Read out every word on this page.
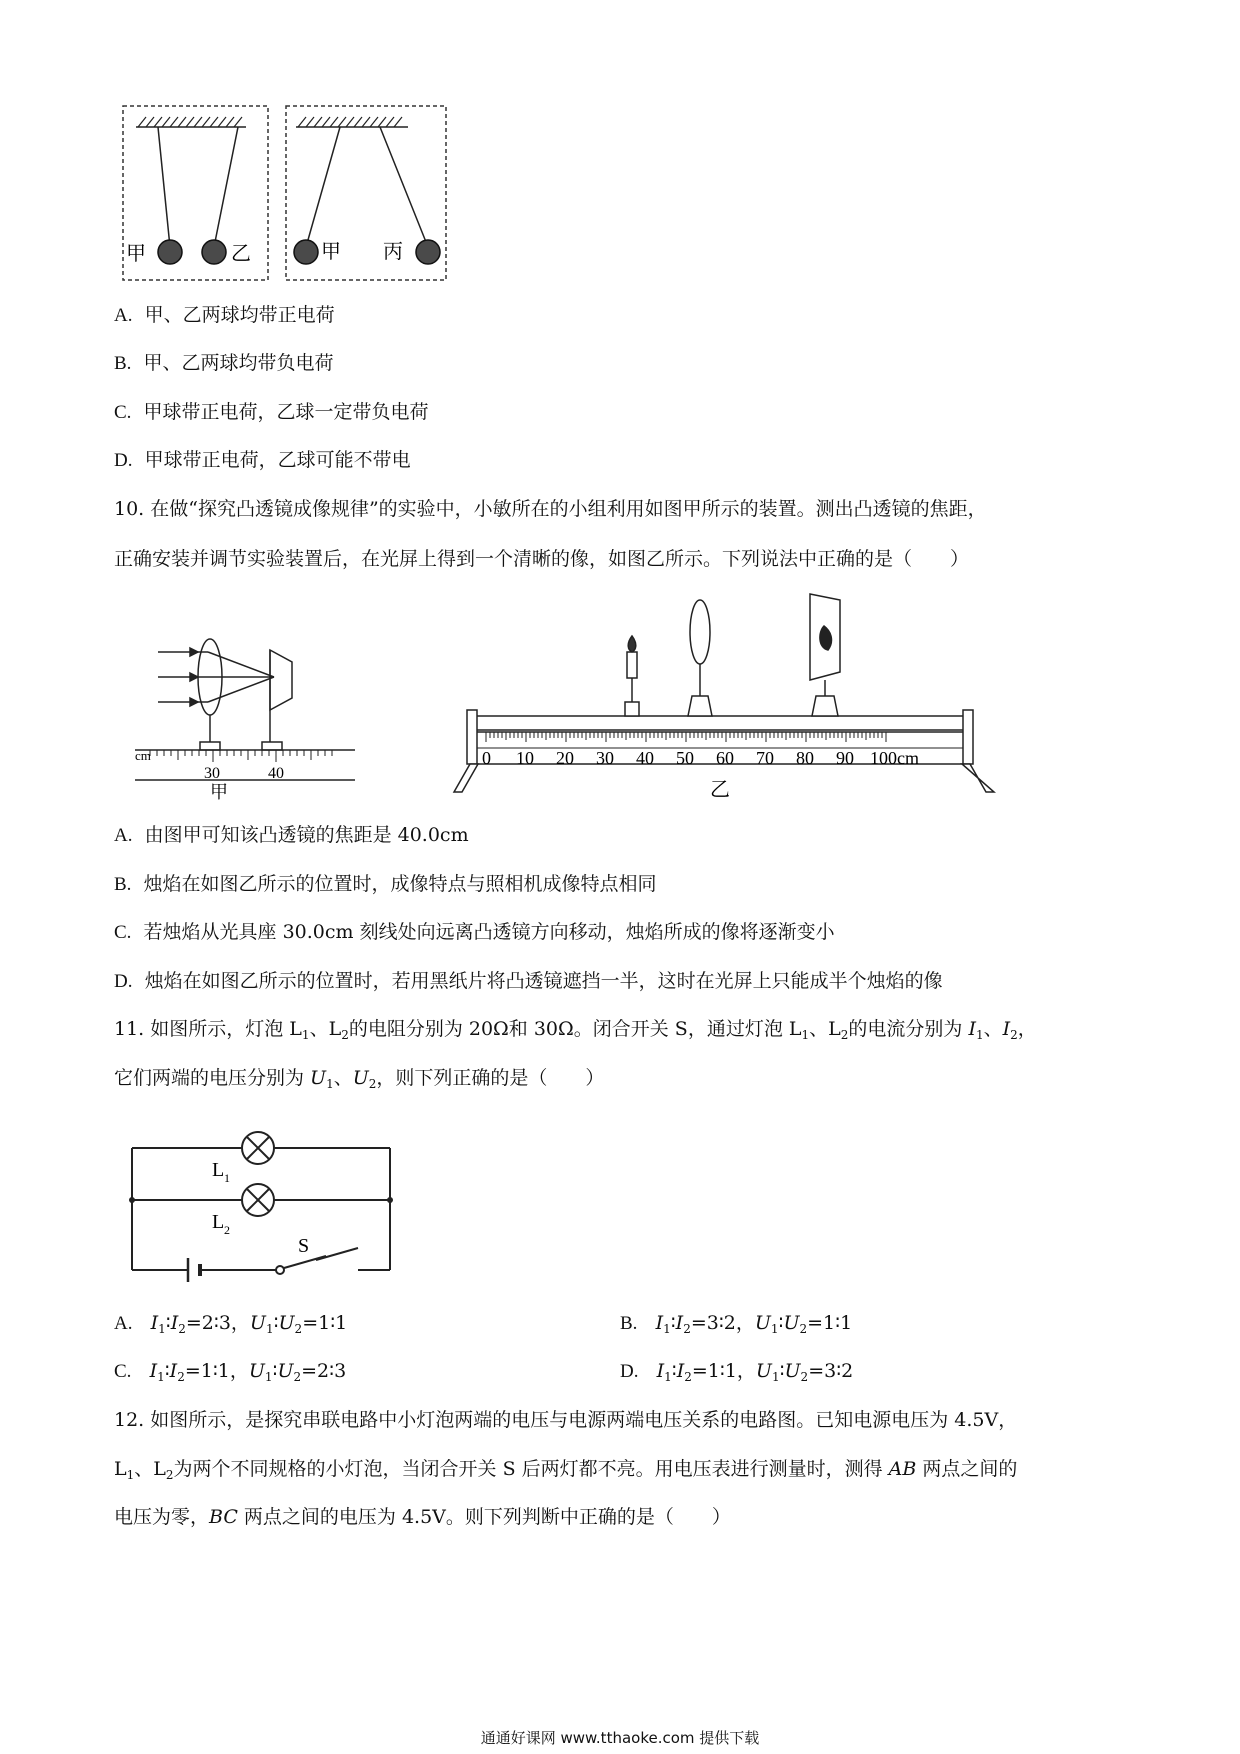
甲	乙	甲 丙
A. 甲、乙两球均带正电荷
B. 甲、乙两球均带负电荷
C. 甲球带正电荷，乙球一定带负电荷
D. 甲球带正电荷，乙球可能不带电
10. 在做“探究凸透镜成像规律”的实验中，小敏所在的小组利用如图甲所示的装置。测出凸透镜的焦距，
正确安装并调节实验装置后，在光屏上得到一个清晰的像，如图乙所示。下列说法中正确的是（　　）
cm
30	40
甲
0 10 20 30 40 50 60 70 80 90 100cm
乙
A. 由图甲可知该凸透镜的焦距是 40.0cm
B. 烛焰在如图乙所示的位置时，成像特点与照相机成像特点相同
C. 若烛焰从光具座 30.0cm 刻线处向远离凸透镜方向移动，烛焰所成的像将逐渐变小
D. 烛焰在如图乙所示的位置时，若用黑纸片将凸透镜遮挡一半，这时在光屏上只能成半个烛焰的像
11. 如图所示，灯泡 $L_1$、$L_2$的电阻分别为 20Ω和 30Ω。闭合开关 S，通过灯泡 $L_1$、$L_2$的电流分别为 $I_1$、$I_2$，
它们两端的电压分别为 $U_1$、$U_2$，则下列正确的是（　　）
L 1
L 2
S
A. $I_1∶I_2=2∶3$，$U_1∶U_2=1∶1$	B. $I_1∶I_2=3∶2$，$U_1∶U_2=1∶1$
C. $I_1∶I_2=1∶1$，$U_1∶U_2=2∶3$	D. $I_1∶I_2=1∶1$，$U_1∶U_2=3∶2$
12. 如图所示，是探究串联电路中小灯泡两端的电压与电源两端电压关系的电路图。已知电源电压为 4.5V，
$L_1$、$L_2$为两个不同规格的小灯泡，当闭合开关 S 后两灯都不亮。用电压表进行测量时，测得 AB 两点之间的
电压为零，BC 两点之间的电压为 4.5V。则下列判断中正确的是（　　）
通通好课网 www.tthaoke.com 提供下载
